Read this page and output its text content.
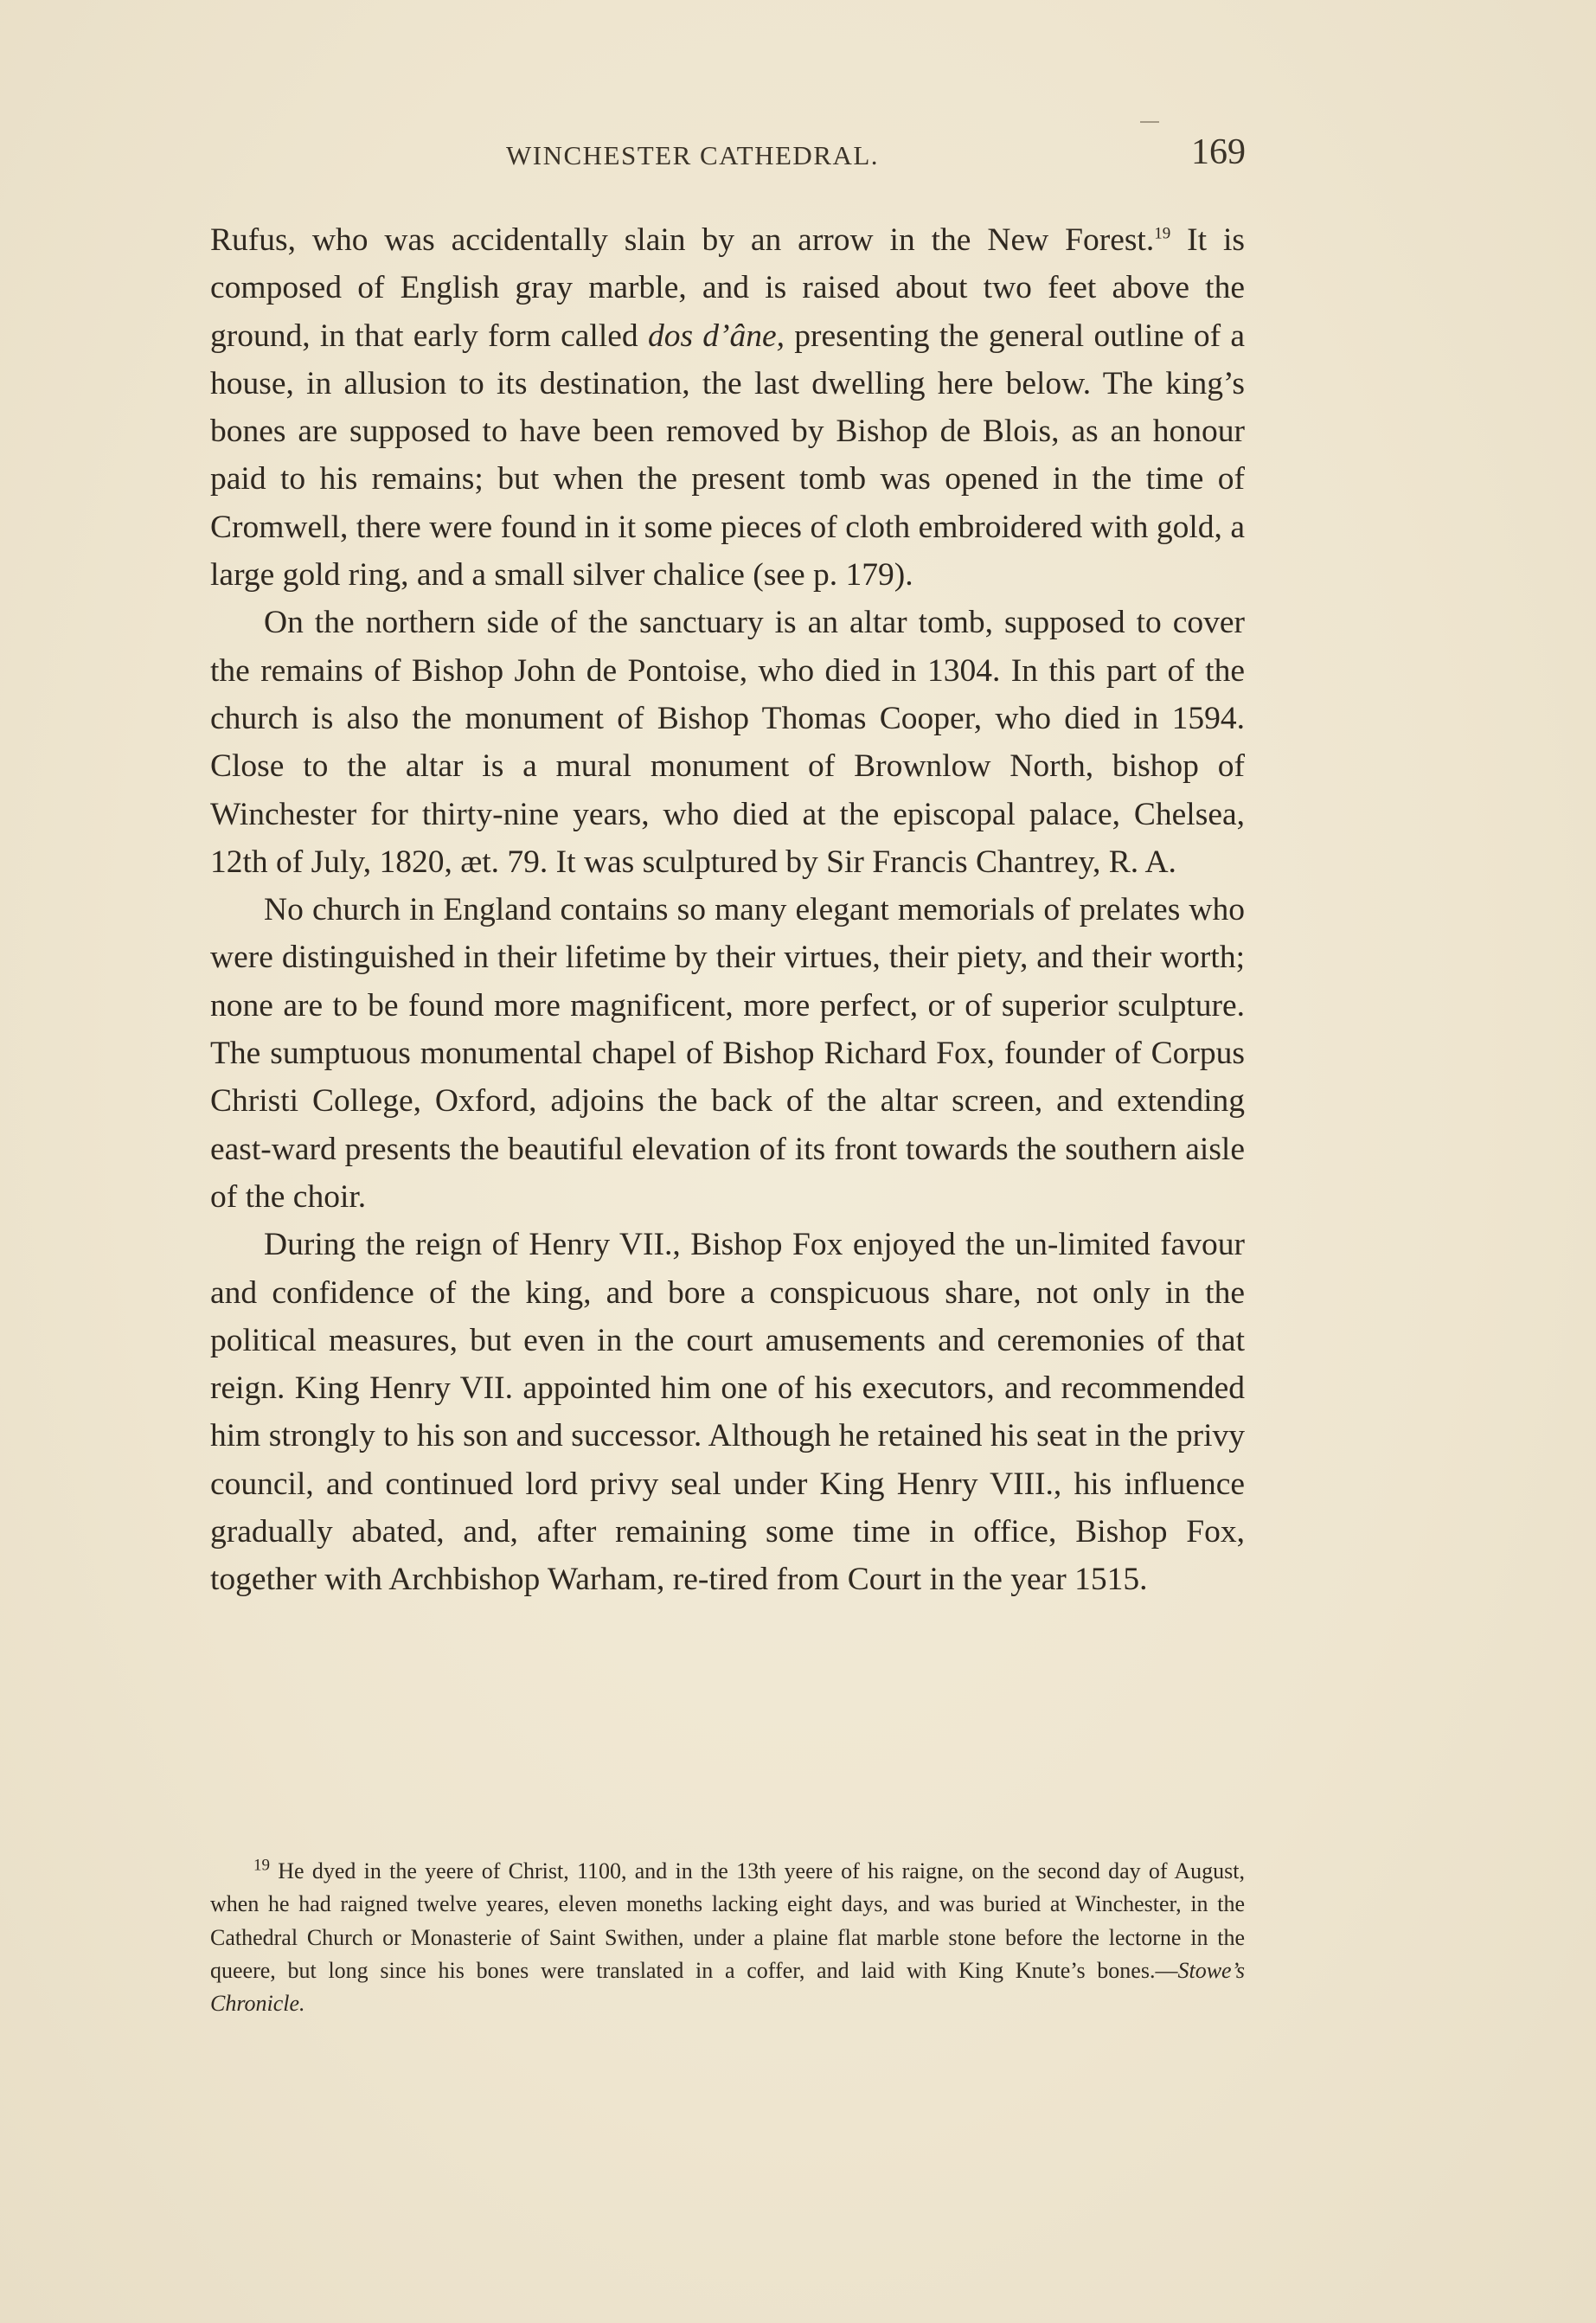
WINCHESTER CATHEDRAL.	169

Rufus, who was accidentally slain by an arrow in the New Forest.$^{19}$ It is composed of English gray marble, and is raised about two feet above the ground, in that early form called dos d’âne, presenting the general outline of a house, in allusion to its destination, the last dwelling here below. The king’s bones are supposed to have been removed by Bishop de Blois, as an honour paid to his remains; but when the present tomb was opened in the time of Cromwell, there were found in it some pieces of cloth embroidered with gold, a large gold ring, and a small silver chalice (see p. 179).

On the northern side of the sanctuary is an altar tomb, supposed to cover the remains of Bishop John de Pontoise, who died in 1304. In this part of the church is also the monument of Bishop Thomas Cooper, who died in 1594. Close to the altar is a mural monument of Brownlow North, bishop of Winchester for thirty-nine years, who died at the episcopal palace, Chelsea, 12th of July, 1820, æt. 79. It was sculptured by Sir Francis Chantrey, R. A.

No church in England contains so many elegant memorials of prelates who were distinguished in their lifetime by their virtues, their piety, and their worth; none are to be found more magnificent, more perfect, or of superior sculpture. The sumptuous monumental chapel of Bishop Richard Fox, founder of Corpus Christi College, Oxford, adjoins the back of the altar screen, and extending east-ward presents the beautiful elevation of its front towards the southern aisle of the choir.

During the reign of Henry VII., Bishop Fox enjoyed the un-limited favour and confidence of the king, and bore a conspicuous share, not only in the political measures, but even in the court amusements and ceremonies of that reign. King Henry VII. appointed him one of his executors, and recommended him strongly to his son and successor. Although he retained his seat in the privy council, and continued lord privy seal under King Henry VIII., his influence gradually abated, and, after remaining some time in office, Bishop Fox, together with Archbishop Warham, re-tired from Court in the year 1515.

$^{19}$ He dyed in the yeere of Christ, 1100, and in the 13th yeere of his raigne, on the second day of August, when he had raigned twelve yeares, eleven moneths lacking eight days, and was buried at Winchester, in the Cathedral Church or Monasterie of Saint Swithen, under a plaine flat marble stone before the lectorne in the queere, but long since his bones were translated in a coffer, and laid with King Knute’s bones.—Stowe’s Chronicle.
